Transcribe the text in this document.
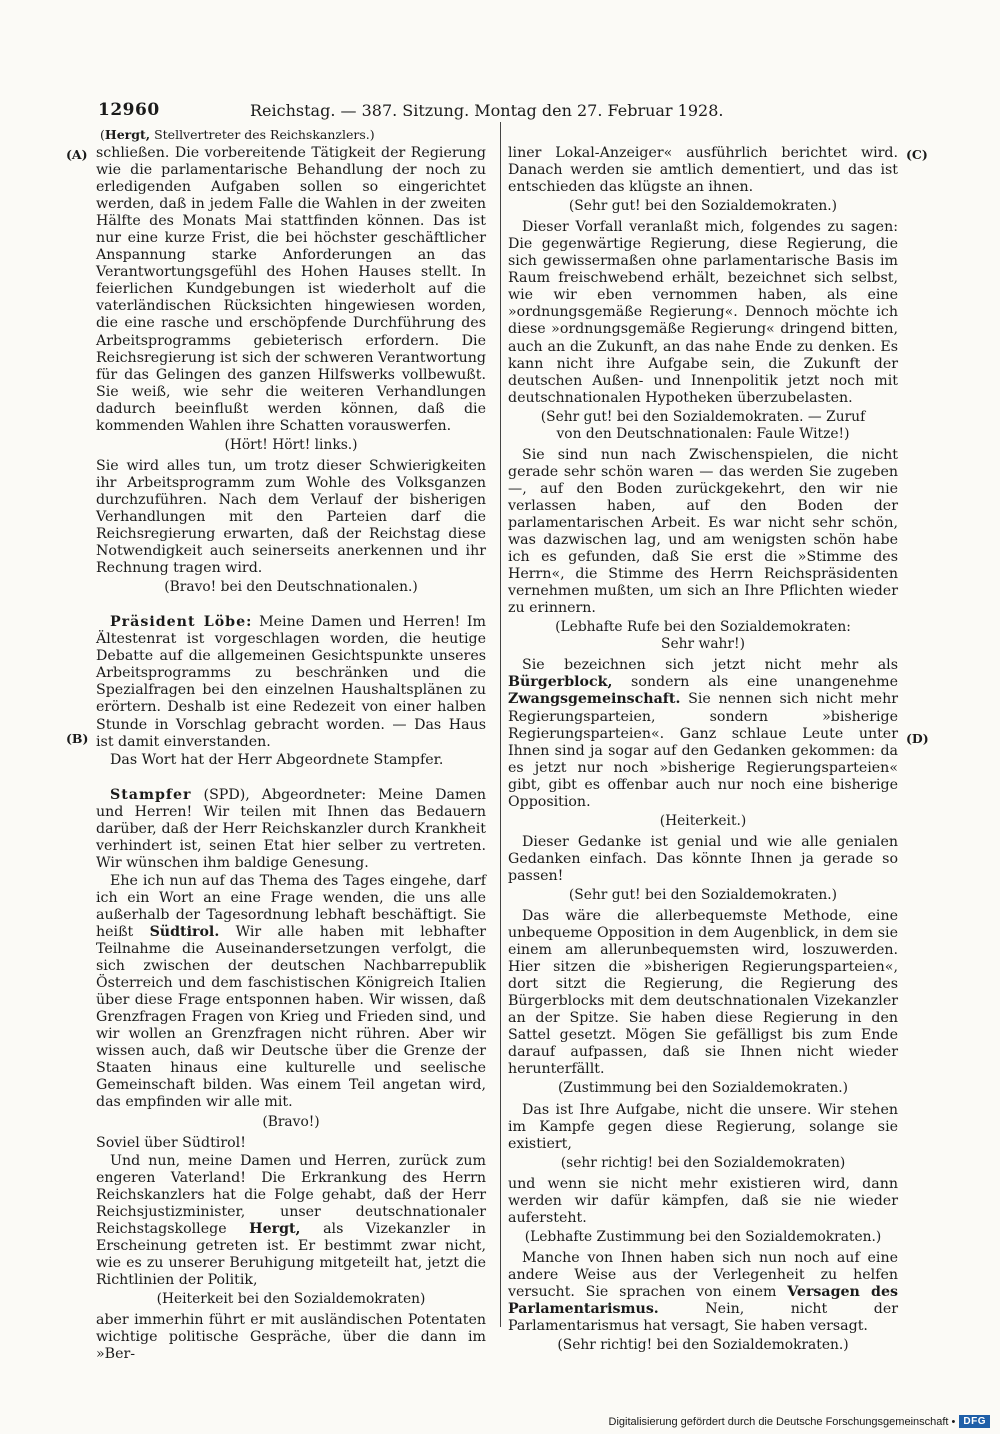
12960	Reichstag. — 387. Sitzung. Montag den 27. Februar 1928.
(Hergt, Stellvertreter des Reichskanzlers.)
(A)
(B)
(C)
(D)

schließen. Die vorbereitende Tätigkeit der Regierung wie die parlamentarische Behandlung der noch zu erledigenden Aufgaben sollen so eingerichtet werden, daß in jedem Falle die Wahlen in der zweiten Hälfte des Monats Mai stattfinden können. Das ist nur eine kurze Frist, die bei höchster geschäftlicher Anspannung starke Anforderungen an das Verantwortungsgefühl des Hohen Hauses stellt. In feierlichen Kundgebungen ist wiederholt auf die vaterländischen Rücksichten hingewiesen worden, die eine rasche und erschöpfende Durchführung des Arbeitsprogramms gebieterisch erfordern. Die Reichsregierung ist sich der schweren Verantwortung für das Gelingen des ganzen Hilfswerks vollbewußt. Sie weiß, wie sehr die weiteren Verhandlungen dadurch beeinflußt werden können, daß die kommenden Wahlen ihre Schatten vorauswerfen.

(Hört! Hört! links.)

Sie wird alles tun, um trotz dieser Schwierigkeiten ihr Arbeitsprogramm zum Wohle des Volksganzen durchzuführen. Nach dem Verlauf der bisherigen Verhandlungen mit den Parteien darf die Reichsregierung erwarten, daß der Reichstag diese Notwendigkeit auch seinerseits anerkennen und ihr Rechnung tragen wird.

(Bravo! bei den Deutschnationalen.)

Präsident Löbe: Meine Damen und Herren! Im Ältestenrat ist vorgeschlagen worden, die heutige Debatte auf die allgemeinen Gesichtspunkte unseres Arbeitsprogramms zu beschränken und die Spezialfragen bei den einzelnen Haushaltsplänen zu erörtern. Deshalb ist eine Redezeit von einer halben Stunde in Vorschlag gebracht worden. — Das Haus ist damit einverstanden.

Das Wort hat der Herr Abgeordnete Stampfer.

Stampfer (SPD), Abgeordneter: Meine Damen und Herren! Wir teilen mit Ihnen das Bedauern darüber, daß der Herr Reichskanzler durch Krankheit verhindert ist, seinen Etat hier selber zu vertreten. Wir wünschen ihm baldige Genesung.

Ehe ich nun auf das Thema des Tages eingehe, darf ich ein Wort an eine Frage wenden, die uns alle außerhalb der Tagesordnung lebhaft beschäftigt. Sie heißt Südtirol. Wir alle haben mit lebhafter Teilnahme die Auseinandersetzungen verfolgt, die sich zwischen der deutschen Nachbarrepublik Österreich und dem faschistischen Königreich Italien über diese Frage entsponnen haben. Wir wissen, daß Grenzfragen Fragen von Krieg und Frieden sind, und wir wollen an Grenzfragen nicht rühren. Aber wir wissen auch, daß wir Deutsche über die Grenze der Staaten hinaus eine kulturelle und seelische Gemeinschaft bilden. Was einem Teil angetan wird, das empfinden wir alle mit.

(Bravo!)

Soviel über Südtirol!

Und nun, meine Damen und Herren, zurück zum engeren Vaterland! Die Erkrankung des Herrn Reichskanzlers hat die Folge gehabt, daß der Herr Reichsjustizminister, unser deutschnationaler Reichstagskollege Hergt, als Vizekanzler in Erscheinung getreten ist. Er bestimmt zwar nicht, wie es zu unserer Beruhigung mitgeteilt hat, jetzt die Richtlinien der Politik,

(Heiterkeit bei den Sozialdemokraten)

aber immerhin führt er mit ausländischen Potentaten wichtige politische Gespräche, über die dann im »Ber-

liner Lokal-Anzeiger« ausführlich berichtet wird. Danach werden sie amtlich dementiert, und das ist entschieden das klügste an ihnen.

(Sehr gut! bei den Sozialdemokraten.)

Dieser Vorfall veranlaßt mich, folgendes zu sagen: Die gegenwärtige Regierung, diese Regierung, die sich gewissermaßen ohne parlamentarische Basis im Raum freischwebend erhält, bezeichnet sich selbst, wie wir eben vernommen haben, als eine »ordnungsgemäße Regierung«. Dennoch möchte ich diese »ordnungsgemäße Regierung« dringend bitten, auch an die Zukunft, an das nahe Ende zu denken. Es kann nicht ihre Aufgabe sein, die Zukunft der deutschen Außen- und Innenpolitik jetzt noch mit deutschnationalen Hypotheken überzubelasten.

(Sehr gut! bei den Sozialdemokraten. — Zuruf
von den Deutschnationalen: Faule Witze!)

Sie sind nun nach Zwischenspielen, die nicht gerade sehr schön waren — das werden Sie zugeben —, auf den Boden zurückgekehrt, den wir nie verlassen haben, auf den Boden der parlamentarischen Arbeit. Es war nicht sehr schön, was dazwischen lag, und am wenigsten schön habe ich es gefunden, daß Sie erst die »Stimme des Herrn«, die Stimme des Herrn Reichspräsidenten vernehmen mußten, um sich an Ihre Pflichten wieder zu erinnern.

(Lebhafte Rufe bei den Sozialdemokraten:
Sehr wahr!)

Sie bezeichnen sich jetzt nicht mehr als Bürgerblock, sondern als eine unangenehme Zwangsgemeinschaft. Sie nennen sich nicht mehr Regierungsparteien, sondern »bisherige Regierungsparteien«. Ganz schlaue Leute unter Ihnen sind ja sogar auf den Gedanken gekommen: da es jetzt nur noch »bisherige Regierungsparteien« gibt, gibt es offenbar auch nur noch eine bisherige Opposition.

(Heiterkeit.)

Dieser Gedanke ist genial und wie alle genialen Gedanken einfach. Das könnte Ihnen ja gerade so passen!

(Sehr gut! bei den Sozialdemokraten.)

Das wäre die allerbequemste Methode, eine unbequeme Opposition in dem Augenblick, in dem sie einem am allerunbequemsten wird, loszuwerden. Hier sitzen die »bisherigen Regierungsparteien«, dort sitzt die Regierung, die Regierung des Bürgerblocks mit dem deutschnationalen Vizekanzler an der Spitze. Sie haben diese Regierung in den Sattel gesetzt. Mögen Sie gefälligst bis zum Ende darauf aufpassen, daß sie Ihnen nicht wieder herunterfällt.

(Zustimmung bei den Sozialdemokraten.)

Das ist Ihre Aufgabe, nicht die unsere. Wir stehen im Kampfe gegen diese Regierung, solange sie existiert,

(sehr richtig! bei den Sozialdemokraten)

und wenn sie nicht mehr existieren wird, dann werden wir dafür kämpfen, daß sie nie wieder aufersteht.

(Lebhafte Zustimmung bei den Sozialdemokraten.)

Manche von Ihnen haben sich nun noch auf eine andere Weise aus der Verlegenheit zu helfen versucht. Sie sprachen von einem Versagen des Parlamentarismus. Nein, nicht der Parlamentarismus hat versagt, Sie haben versagt.

(Sehr richtig! bei den Sozialdemokraten.)

Digitalisierung gefördert durch die Deutsche Forschungsgemeinschaft • DFG
